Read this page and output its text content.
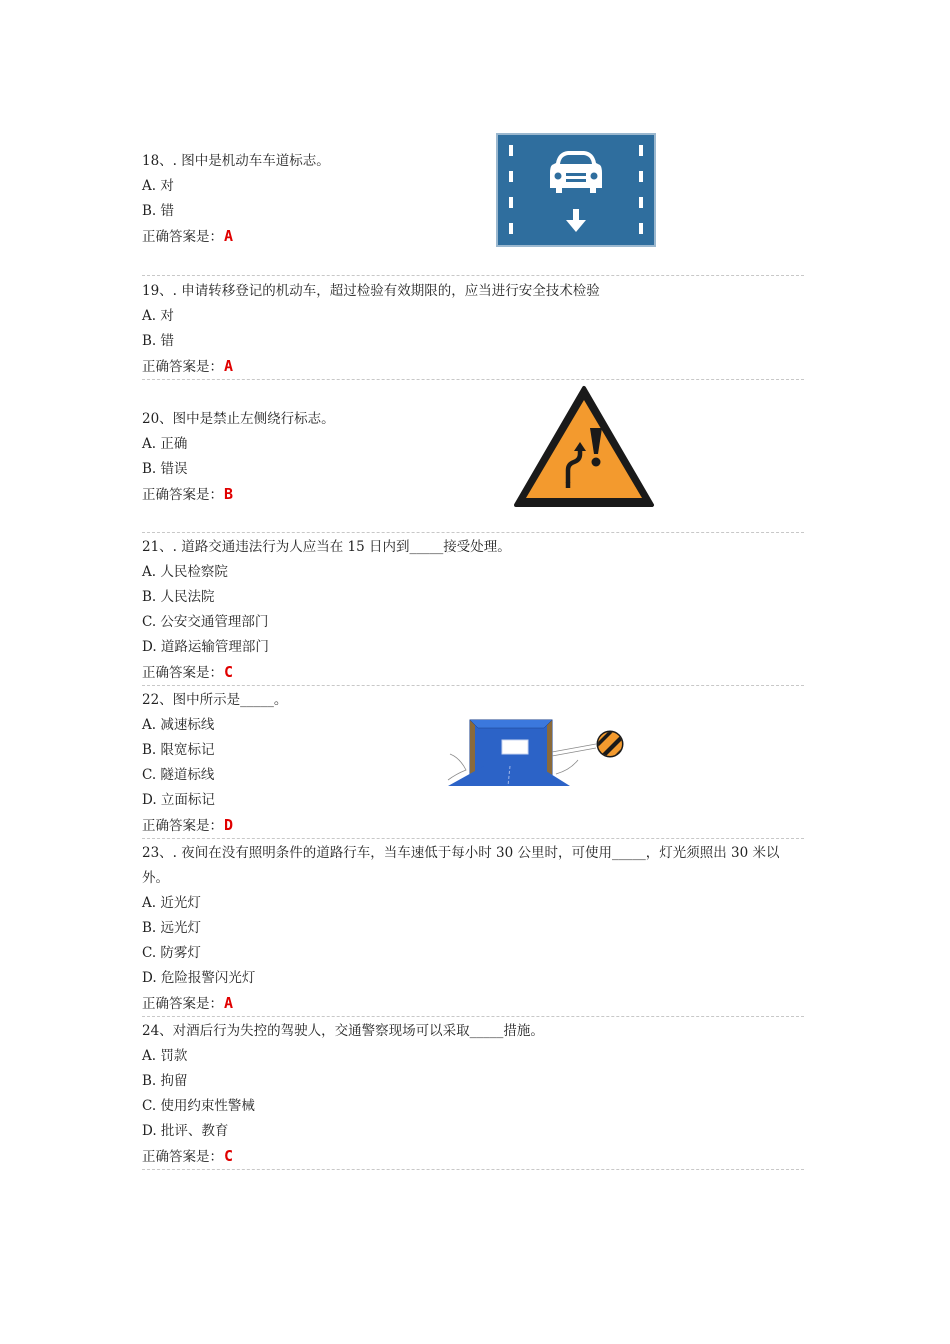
18、. 图中是机动车车道标志。
A. 对
B. 错
正确答案是：A
19、. 申请转移登记的机动车，超过检验有效期限的，应当进行安全技术检验
A. 对
B. 错
正确答案是：A
20、图中是禁止左侧绕行标志。
A. 正确
B. 错误
正确答案是：B
21、. 道路交通违法行为人应当在 15 日内到_____接受处理。
A. 人民检察院
B. 人民法院
C. 公安交通管理部门
D. 道路运输管理部门
正确答案是：C
22、图中所示是_____。
A. 减速标线
B. 限宽标记
C. 隧道标线
D. 立面标记
正确答案是：D
23、. 夜间在没有照明条件的道路行车，当车速低于每小时 30 公里时，可使用_____，灯光须照出 30 米以
外。
A. 近光灯
B. 远光灯
C. 防雾灯
D. 危险报警闪光灯
正确答案是：A
24、对酒后行为失控的驾驶人，交通警察现场可以采取_____措施。
A. 罚款
B. 拘留
C. 使用约束性警械
D. 批评、教育
正确答案是：C
